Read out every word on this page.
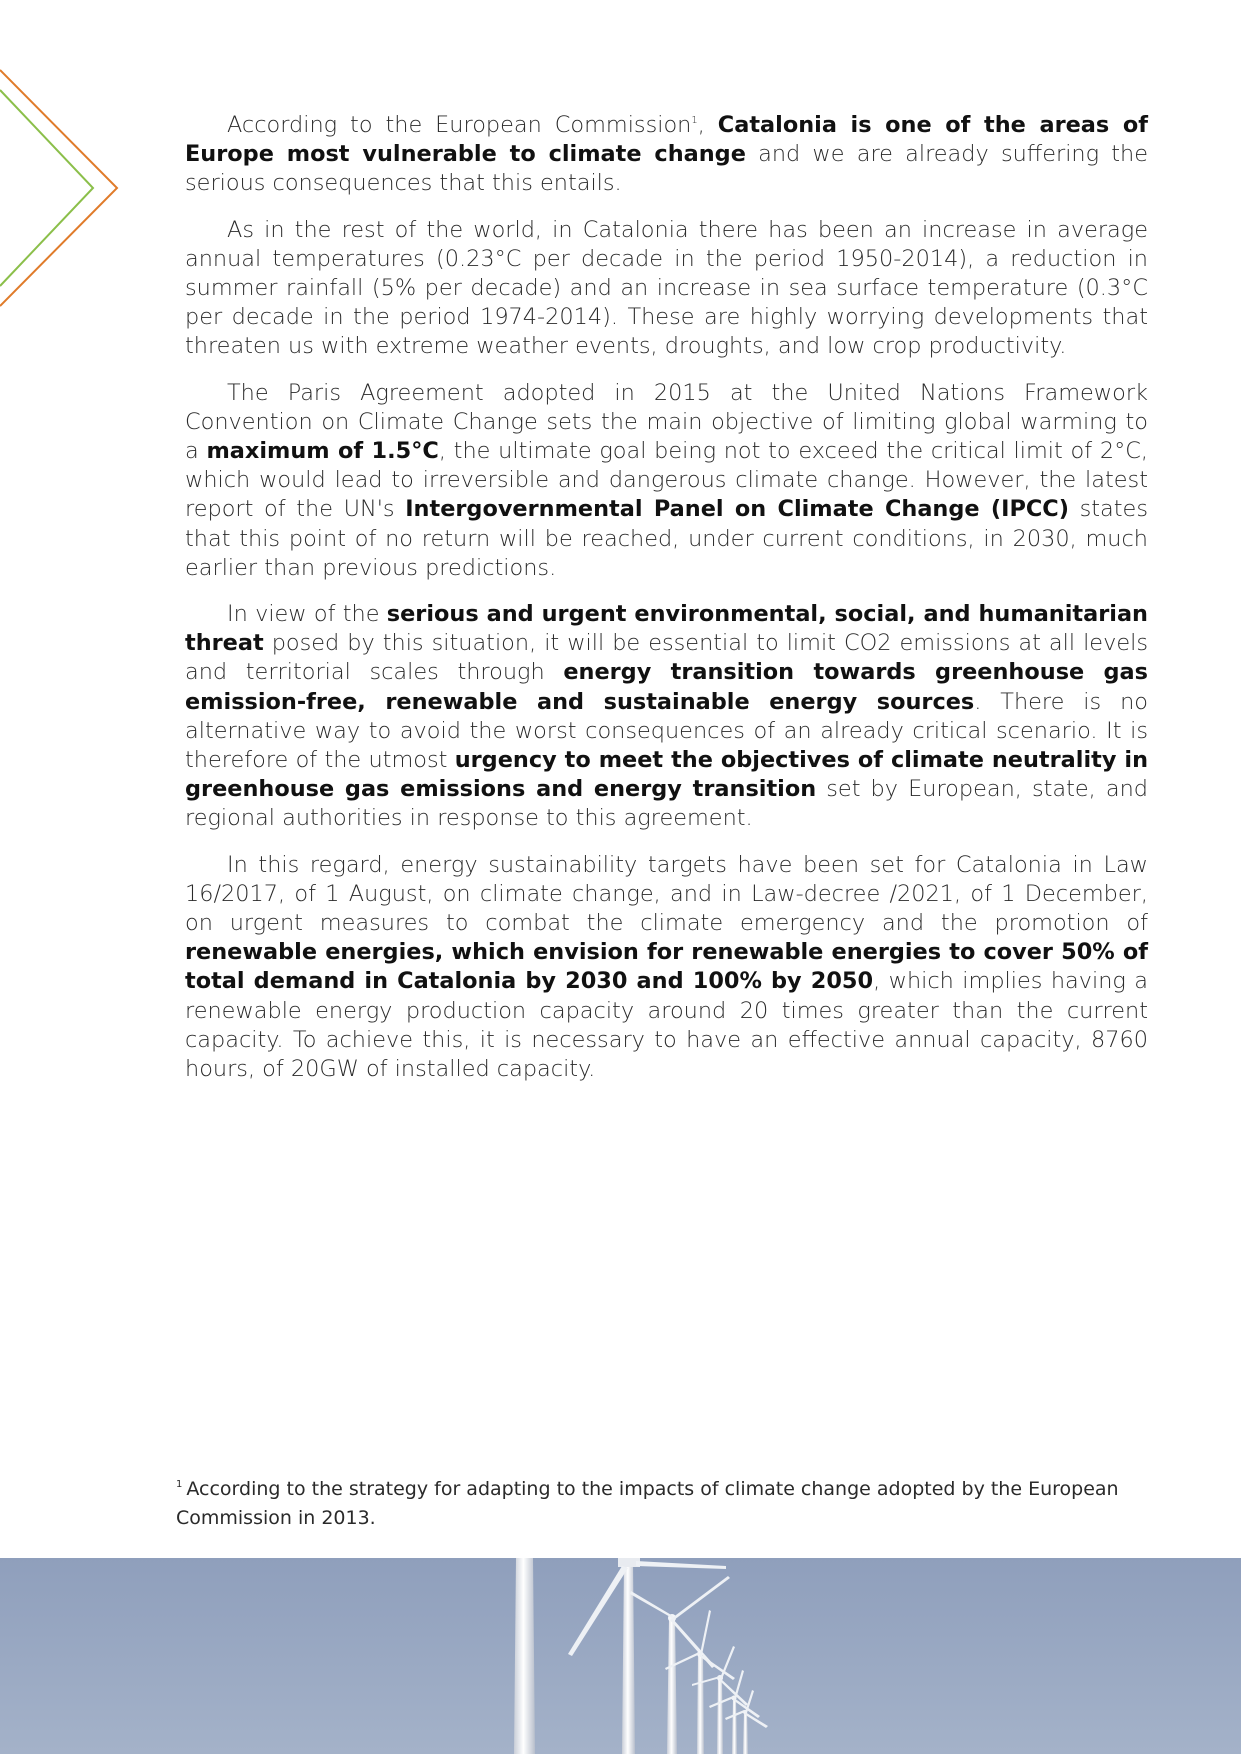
According to the European Commission$^1$, Catalonia is one of the areas of Europe most vulnerable to climate change and we are already suffering the serious consequences that this entails.

As in the rest of the world, in Catalonia there has been an increase in average annual temperatures (0.23°C per decade in the period 1950-2014), a reduction in summer rainfall (5% per decade) and an increase in sea surface temperature (0.3°C per decade in the period 1974-2014). These are highly worrying developments that threaten us with extreme weather events, droughts, and low crop productivity.

The Paris Agreement adopted in 2015 at the United Nations Framework Convention on Climate Change sets the main objective of limiting global warming to a maximum of 1.5°C, the ultimate goal being not to exceed the critical limit of 2°C, which would lead to irreversible and dangerous climate change. However, the latest report of the UN's Intergovernmental Panel on Climate Change (IPCC) states that this point of no return will be reached, under current conditions, in 2030, much earlier than previous predictions.

In view of the serious and urgent environmental, social, and humanitarian threat posed by this situation, it will be essential to limit CO2 emissions at all levels and territorial scales through energy transition towards greenhouse gas emission-free, renewable and sustainable energy sources. There is no alternative way to avoid the worst consequences of an already critical scenario. It is therefore of the utmost urgency to meet the objectives of climate neutrality in greenhouse gas emissions and energy transition set by European, state, and regional authorities in response to this agreement.

In this regard, energy sustainability targets have been set for Catalonia in Law 16/2017, of 1 August, on climate change, and in Law-decree /2021, of 1 December, on urgent measures to combat the climate emergency and the promotion of renewable energies, which envision for renewable energies to cover 50% of total demand in Catalonia by 2030 and 100% by 2050, which implies having a renewable energy production capacity around 20 times greater than the current capacity. To achieve this, it is necessary to have an effective annual capacity, 8760 hours, of 20GW of installed capacity.

$^1$ According to the strategy for adapting to the impacts of climate change adopted by the European Commission in 2013.
